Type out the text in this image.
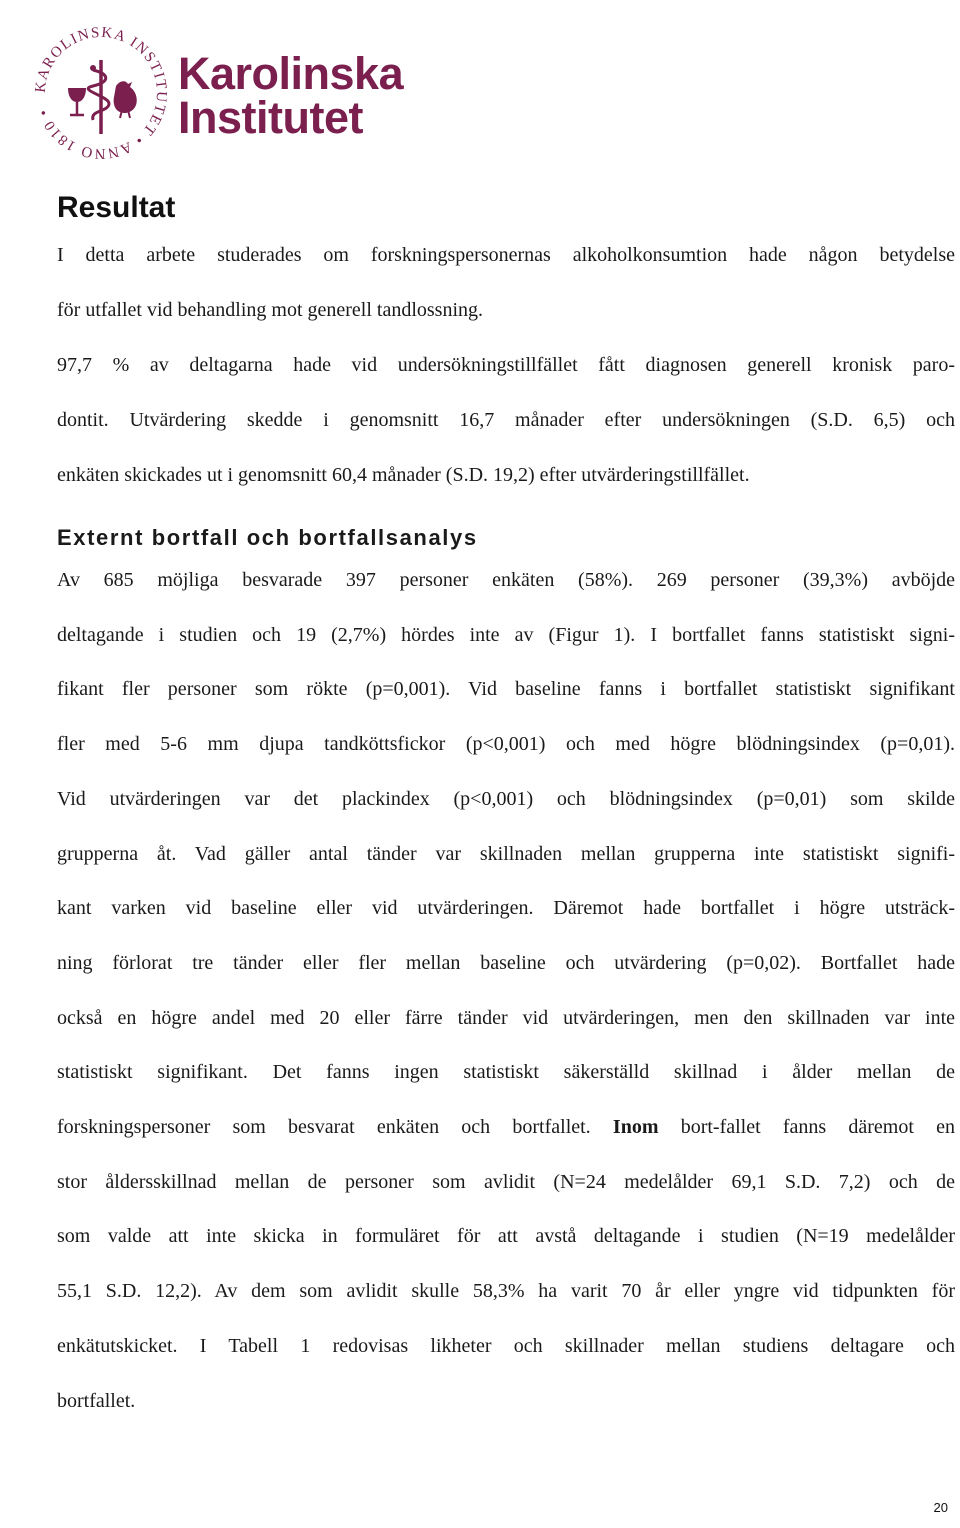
KAROLINSKA INSTITUTET • ANNO 1810 •
Karolinska
Institutet
Resultat

I detta arbete studerades om forskningspersonernas alkoholkonsumtion hade någon betydelse
för utfallet vid behandling mot generell tandlossning.
97,7 % av deltagarna hade vid undersökningstillfället fått diagnosen generell kronisk paro-
dontit. Utvärdering skedde i genomsnitt 16,7 månader efter undersökningen (S.D. 6,5) och
enkäten skickades ut i genomsnitt 60,4 månader (S.D. 19,2) efter utvärderingstillfället.

Externt bortfall och bortfallsanalys

Av 685 möjliga besvarade 397 personer enkäten (58%). 269 personer (39,3%) avböjde
deltagande i studien och 19 (2,7%) hördes inte av (Figur 1). I bortfallet fanns statistiskt signi-
fikant fler personer som rökte (p=0,001). Vid baseline fanns i bortfallet statistiskt signifikant
fler med 5-6 mm djupa tandköttsfickor (p<0,001) och med högre blödningsindex (p=0,01).
Vid utvärderingen var det plackindex (p<0,001) och blödningsindex (p=0,01) som skilde
grupperna åt. Vad gäller antal tänder var skillnaden mellan grupperna inte statistiskt signifi-
kant varken vid baseline eller vid utvärderingen. Däremot hade bortfallet i högre utsträck-
ning förlorat tre tänder eller fler mellan baseline och utvärdering (p=0,02). Bortfallet hade
också en högre andel med 20 eller färre tänder vid utvärderingen, men den skillnaden var inte
statistiskt signifikant. Det fanns ingen statistiskt säkerställd skillnad i ålder mellan de
forskningspersoner som besvarat enkäten och bortfallet. Inom bort-fallet fanns däremot en
stor åldersskillnad mellan de personer som avlidit (N=24 medelålder 69,1 S.D. 7,2) och de
som valde att inte skicka in formuläret för att avstå deltagande i studien (N=19 medelålder
55,1 S.D. 12,2). Av dem som avlidit skulle 58,3% ha varit 70 år eller yngre vid tidpunkten för
enkätutskicket. I Tabell 1 redovisas likheter och skillnader mellan studiens deltagare och
bortfallet.

20
